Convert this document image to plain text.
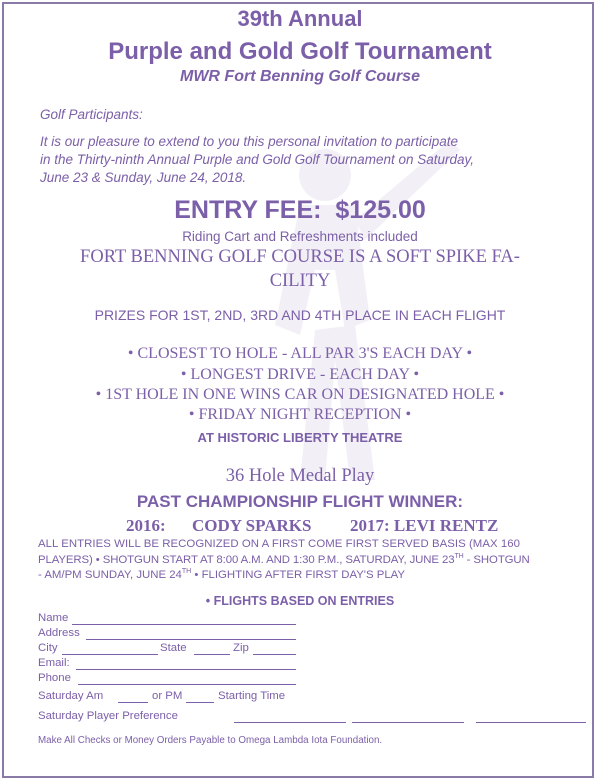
39th Annual
Purple and Gold Golf Tournament
MWR Fort Benning Golf Course
Golf Participants:
It is our pleasure to extend to you this personal invitation to participate
in the Thirty-ninth Annual Purple and Gold Golf Tournament on Saturday,
June 23 & Sunday, June 24, 2018.
ENTRY FEE: $125.00
Riding Cart and Refreshments included
FORT BENNING GOLF COURSE IS A SOFT SPIKE FA-
CILITY
PRIZES FOR 1ST, 2ND, 3RD AND 4TH PLACE IN EACH FLIGHT
• CLOSEST TO HOLE - ALL PAR 3'S EACH DAY •
• LONGEST DRIVE - EACH DAY •
• 1ST HOLE IN ONE WINS CAR ON DESIGNATED HOLE •
• FRIDAY NIGHT RECEPTION •
AT HISTORIC LIBERTY THEATRE
36 Hole Medal Play
PAST CHAMPIONSHIP FLIGHT WINNER:
2016: CODY SPARKS 2017: LEVI RENTZ
ALL ENTRIES WILL BE RECOGNIZED ON A FIRST COME FIRST SERVED BASIS (MAX 160
PLAYERS) • SHOTGUN START AT 8:00 A.M. AND 1:30 P.M., SATURDAY, JUNE 23TH - SHOTGUN
- AM/PM SUNDAY, JUNE 24TH • FLIGHTING AFTER FIRST DAY'S PLAY
• FLIGHTS BASED ON ENTRIES
Name
Address
City	State	Zip
Email:
Phone
Saturday Am	or PM	Starting Time
Saturday Player Preference
Make All Checks or Money Orders Payable to Omega Lambda Iota Foundation.
